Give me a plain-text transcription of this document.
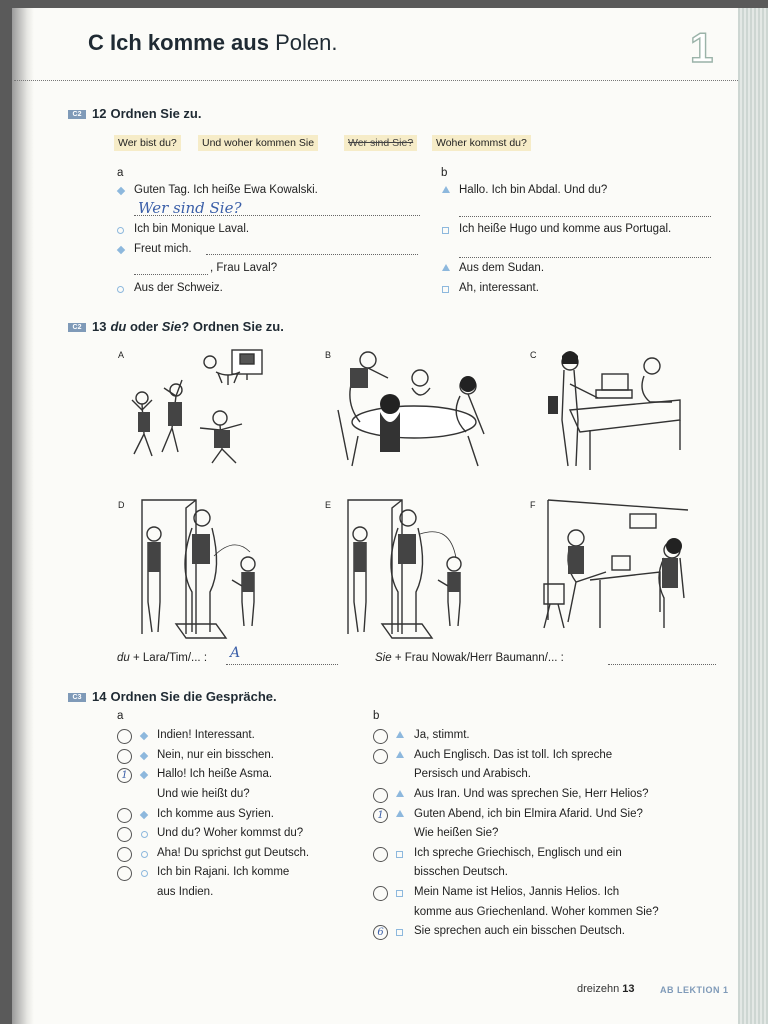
C Ich komme aus Polen.	1
C2 12 Ordnen Sie zu.
Wer bist du?	Und woher kommen Sie	Wer sind Sie?	Woher kommst du?
a	b
Guten Tag. Ich heiße Ewa Kowalski.
Wer sind Sie?
Ich bin Monique Laval.
Freut mich.
, Frau Laval?
Aus der Schweiz.
Hallo. Ich bin Abdal. Und du?
Ich heiße Hugo und komme aus Portugal.
Aus dem Sudan.
Ah, interessant.
C2 13 du oder Sie? Ordnen Sie zu.
A	B	C
D	E	F
du + Lara/Tim/... : A	Sie + Frau Nowak/Herr Baumann/... :
C3 14 Ordnen Sie die Gespräche.
a	b
Indien! Interessant.
Nein, nur ein bisschen.
1	Hallo! Ich heiße Asma.
Und wie heißt du?
Ich komme aus Syrien.
Und du? Woher kommst du?
Aha! Du sprichst gut Deutsch.
Ich bin Rajani. Ich komme
aus Indien.
Ja, stimmt.
Auch Englisch. Das ist toll. Ich spreche
Persisch und Arabisch.
Aus Iran. Und was sprechen Sie, Herr Helios?
1	Guten Abend, ich bin Elmira Afarid. Und Sie?
Wie heißen Sie?
Ich spreche Griechisch, Englisch und ein
bisschen Deutsch.
Mein Name ist Helios, Jannis Helios. Ich
komme aus Griechenland. Woher kommen Sie?
6	Sie sprechen auch ein bisschen Deutsch.
dreizehn 13	AB LEKTION 1
